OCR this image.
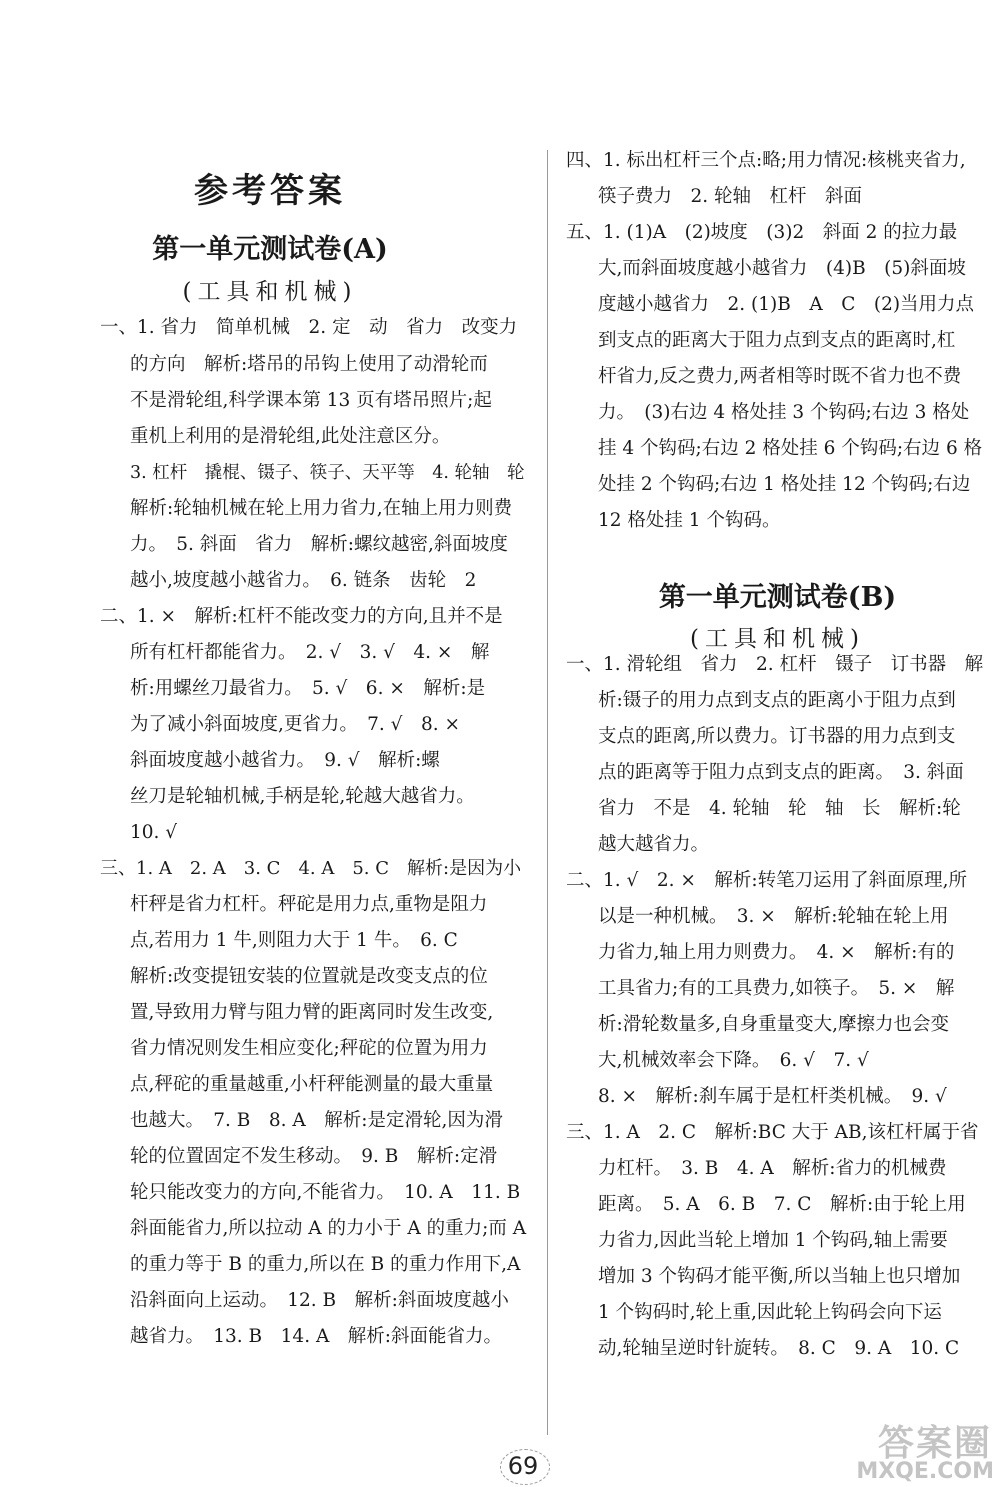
参考答案
第一单元测试卷(A)
(工具和机械)
一、1. 省力　简单机械　2. 定　动　省力　改变力
的方向　解析:塔吊的吊钩上使用了动滑轮而
不是滑轮组,科学课本第 13 页有塔吊照片;起
重机上利用的是滑轮组,此处注意区分。
3. 杠杆　撬棍、镊子、筷子、天平等　4. 轮轴　轮
解析:轮轴机械在轮上用力省力,在轴上用力则费
力。　5. 斜面　省力　解析:螺纹越密,斜面坡度
越小,坡度越小越省力。　6. 链条　齿轮　2
二、1. ×　解析:杠杆不能改变力的方向,且并不是
所有杠杆都能省力。　2. √　3. √　4. ×　解
析:用螺丝刀最省力。　5. √　6. ×　解析:是
为了减小斜面坡度,更省力。　7. √　8. ×
斜面坡度越小越省力。　9. √　解析:螺
丝刀是轮轴机械,手柄是轮,轮越大越省力。
10. √
三、1. A　2. A　3. C　4. A　5. C　解析:是因为小
杆秤是省力杠杆。秤砣是用力点,重物是阻力
点,若用力 1 牛,则阻力大于 1 牛。　6. C
解析:改变提钮安装的位置就是改变支点的位
置,导致用力臂与阻力臂的距离同时发生改变,
省力情况则发生相应变化;秤砣的位置为用力
点,秤砣的重量越重,小杆秤能测量的最大重量
也越大。　7. B　8. A　解析:是定滑轮,因为滑
轮的位置固定不发生移动。　9. B　解析:定滑
轮只能改变力的方向,不能省力。　10. A　11. B
斜面能省力,所以拉动 A 的力小于 A 的重力;而 A
的重力等于 B 的重力,所以在 B 的重力作用下,A
沿斜面向上运动。　12. B　解析:斜面坡度越小
越省力。　13. B　14. A　解析:斜面能省力。
四、1. 标出杠杆三个点:略;用力情况:核桃夹省力,
筷子费力　2. 轮轴　杠杆　斜面
五、1. (1)A　(2)坡度　(3)2　斜面 2 的拉力最
大,而斜面坡度越小越省力　(4)B　(5)斜面坡
度越小越省力　2. (1)B　A　C　(2)当用力点
到支点的距离大于阻力点到支点的距离时,杠
杆省力,反之费力,两者相等时既不省力也不费
力。　(3)右边 4 格处挂 3 个钩码;右边 3 格处
挂 4 个钩码;右边 2 格处挂 6 个钩码;右边 6 格
处挂 2 个钩码;右边 1 格处挂 12 个钩码;右边
12 格处挂 1 个钩码。
第一单元测试卷(B)
(工具和机械)
一、1. 滑轮组　省力　2. 杠杆　镊子　订书器　解
析:镊子的用力点到支点的距离小于阻力点到
支点的距离,所以费力。订书器的用力点到支
点的距离等于阻力点到支点的距离。　3. 斜面
省力　不是　4. 轮轴　轮　轴　长　解析:轮
越大越省力。
二、1. √　2. ×　解析:转笔刀运用了斜面原理,所
以是一种机械。　3. ×　解析:轮轴在轮上用
力省力,轴上用力则费力。　4. ×　解析:有的
工具省力;有的工具费力,如筷子。　5. ×　解
析:滑轮数量多,自身重量变大,摩擦力也会变
大,机械效率会下降。　6. √　7. √
8. ×　解析:刹车属于是杠杆类机械。　9. √
三、1. A　2. C　解析:BC 大于 AB,该杠杆属于省
力杠杆。　3. B　4. A　解析:省力的机械费
距离。　5. A　6. B　7. C　解析:由于轮上用
力省力,因此当轮上增加 1 个钩码,轴上需要
增加 3 个钩码才能平衡,所以当轴上也只增加
1 个钩码时,轮上重,因此轮上钩码会向下运
动,轮轴呈逆时针旋转。　8. C　9. A　10. C
69
答案圈
MXQE.COM
